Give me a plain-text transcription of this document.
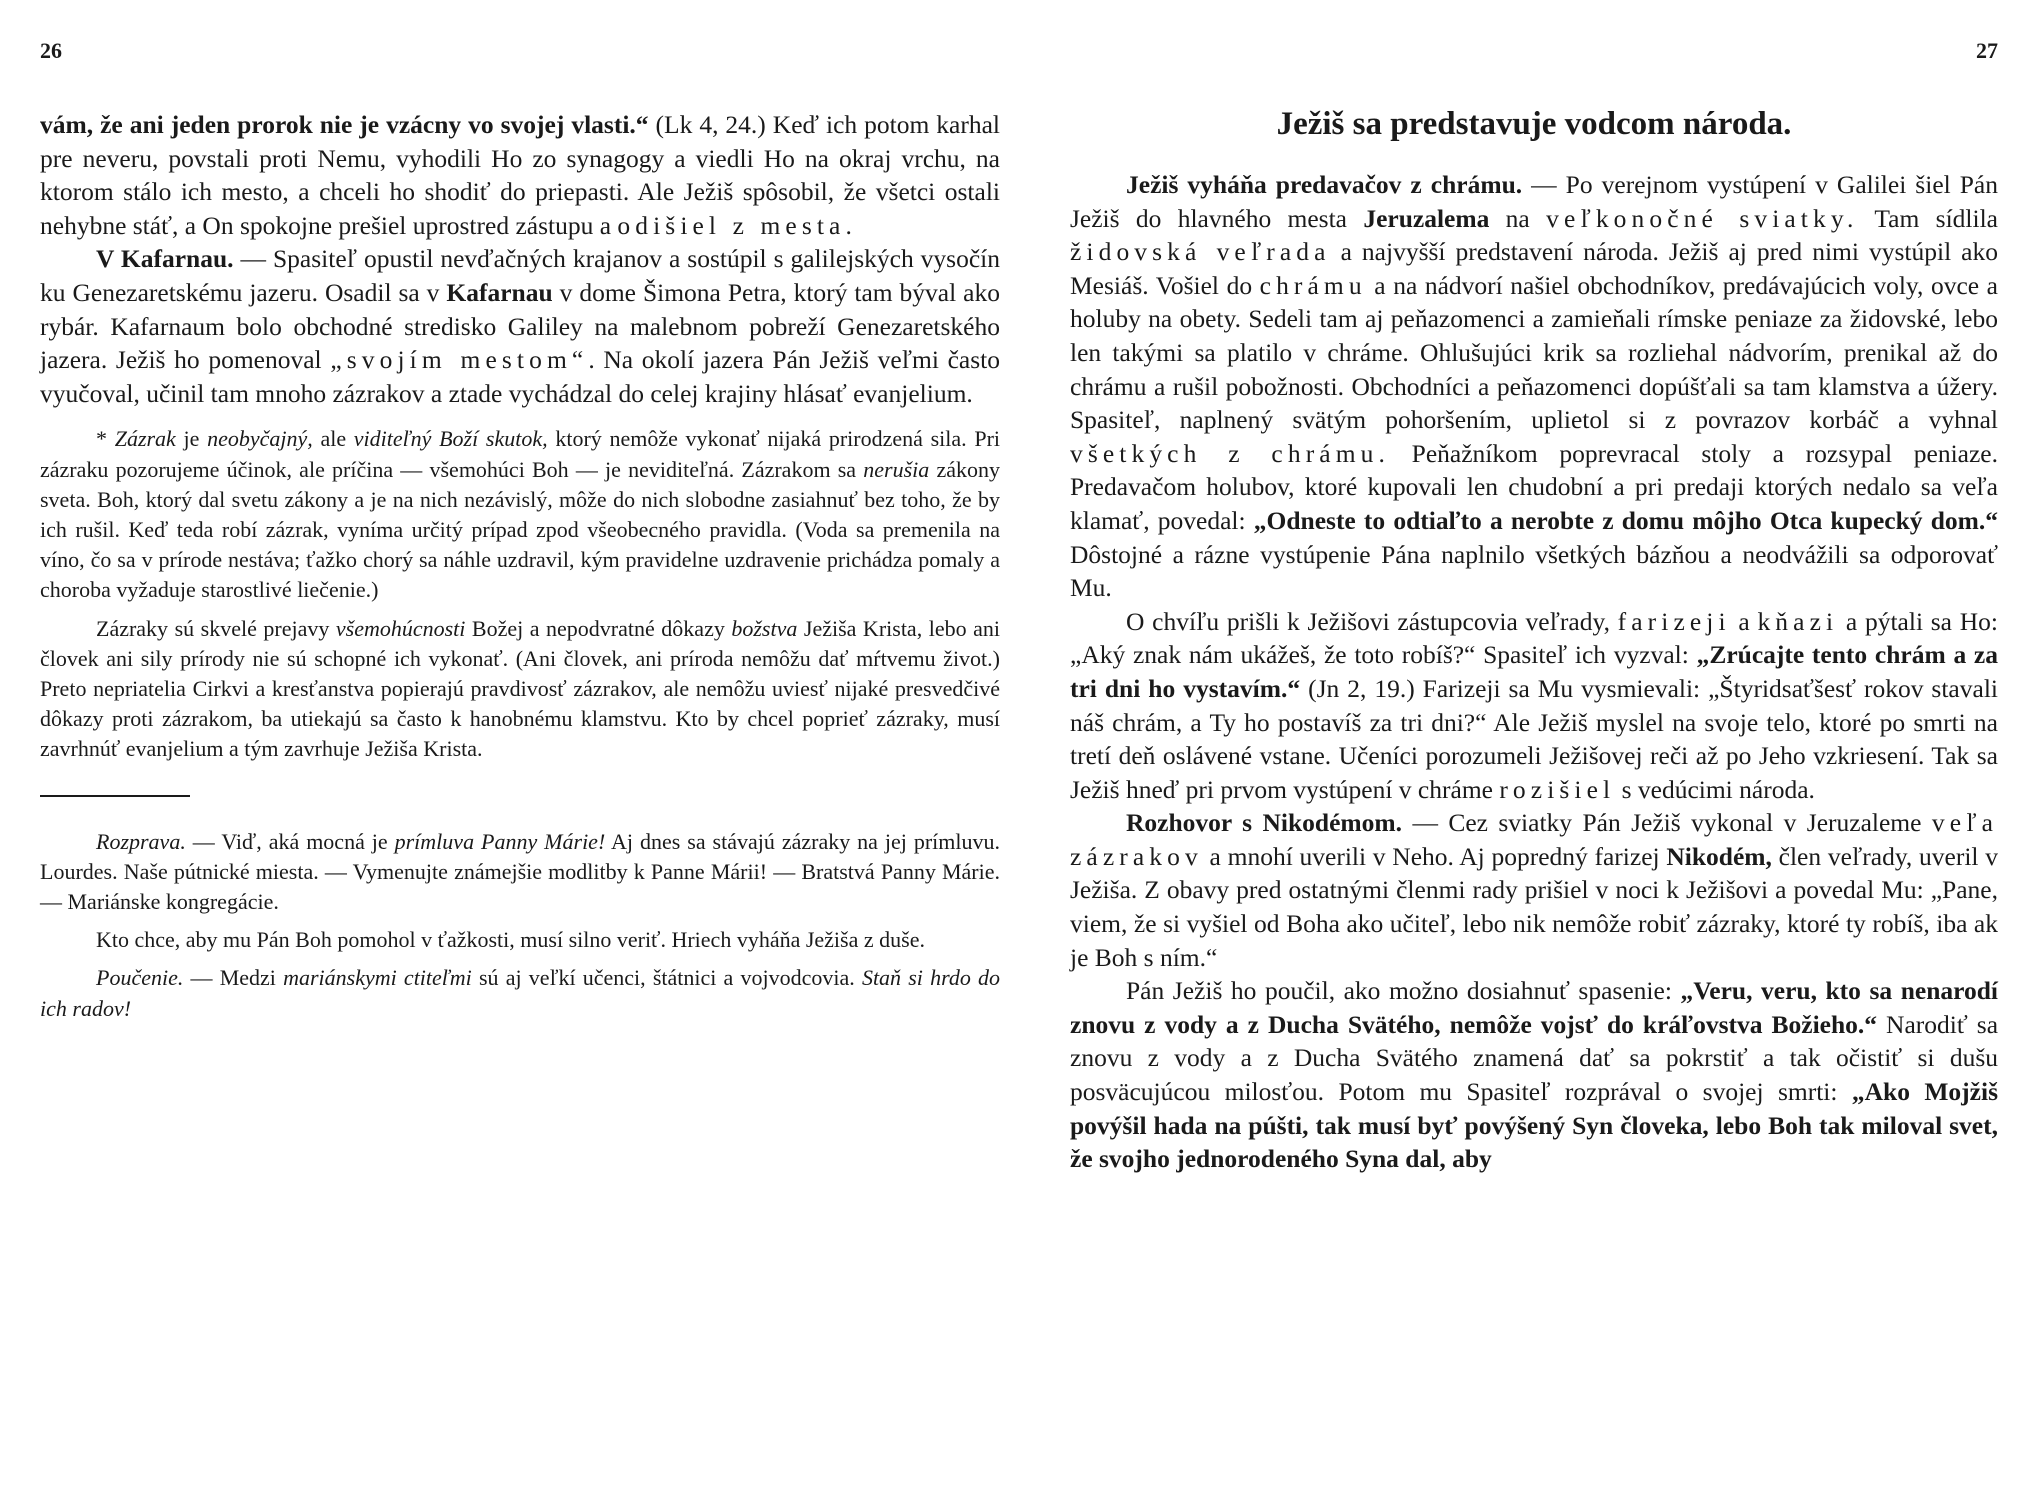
26

vám, že ani jeden prorok nie je vzácny vo svojej vlasti.“ (Lk 4, 24.) Keď ich potom karhal pre neveru, povstali proti Nemu, vyhodili Ho zo synagogy a viedli Ho na okraj vrchu, na ktorom stálo ich mesto, a chceli ho shodiť do priepasti. Ale Ježiš spôsobil, že všetci ostali nehybne stáť, a On spokojne prešiel uprostred zástupu a odišiel z mesta.

V Kafarnau. — Spasiteľ opustil nevďačných krajanov a sostúpil s galilejských vysočín ku Genezaretskému jazeru. Osadil sa v Kafarnau v dome Šimona Petra, ktorý tam býval ako rybár. Kafarnaum bolo obchodné stredisko Galiley na malebnom pobreží Genezaretského jazera. Ježiš ho pomenoval „svojím mestom“. Na okolí jazera Pán Ježiš veľmi často vyučoval, učinil tam mnoho zázrakov a ztade vychádzal do celej krajiny hlásať evanjelium.

* Zázrak je neobyčajný, ale viditeľný Boží skutok, ktorý nemôže vykonať nijaká prirodzená sila. Pri zázraku pozorujeme účinok, ale príčina — všemohúci Boh — je neviditeľná. Zázrakom sa nerušia zákony sveta. Boh, ktorý dal svetu zákony a je na nich nezávislý, môže do nich slobodne zasiahnuť bez toho, že by ich rušil. Keď teda robí zázrak, vyníma určitý prípad zpod všeobecného pravidla. (Voda sa premenila na víno, čo sa v prírode nestáva; ťažko chorý sa náhle uzdravil, kým pravidelne uzdravenie prichádza pomaly a choroba vyžaduje starostlivé liečenie.)

Zázraky sú skvelé prejavy všemohúcnosti Božej a nepodvratné dôkazy božstva Ježiša Krista, lebo ani človek ani sily prírody nie sú schopné ich vykonať. (Ani človek, ani príroda nemôžu dať mŕtvemu život.) Preto nepriatelia Cirkvi a kresťanstva popierajú pravdivosť zázrakov, ale nemôžu uviesť nijaké presvedčivé dôkazy proti zázrakom, ba utiekajú sa často k hanobnému klamstvu. Kto by chcel poprieť zázraky, musí zavrhnúť evanjelium a tým zavrhuje Ježiša Krista.

Rozprava. — Viď, aká mocná je prímluva Panny Márie! Aj dnes sa stávajú zázraky na jej prímluvu. Lourdes. Naše pútnické miesta. — Vymenujte známejšie modlitby k Panne Márii! — Bratstvá Panny Márie. — Mariánske kongregácie.

Kto chce, aby mu Pán Boh pomohol v ťažkosti, musí silno veriť. Hriech vyháňa Ježiša z duše.

Poučenie. — Medzi mariánskymi ctiteľmi sú aj veľkí učenci, štátnici a vojvodcovia. Staň si hrdo do ich radov!

27
Ježiš sa predstavuje vodcom národa.

Ježiš vyháňa predavačov z chrámu. — Po verejnom vystúpení v Galilei šiel Pán Ježiš do hlavného mesta Jeruzalema na veľkonočné sviatky. Tam sídlila židovská veľrada a najvyšší predstavení národa. Ježiš aj pred nimi vystúpil ako Mesiáš. Vošiel do chrámu a na nádvorí našiel obchodníkov, predávajúcich voly, ovce a holuby na obety. Sedeli tam aj peňazomenci a zamieňali rímske peniaze za židovské, lebo len takými sa platilo v chráme. Ohlušujúci krik sa rozliehal nádvorím, prenikal až do chrámu a rušil pobožnosti. Obchodníci a peňazomenci dopúšťali sa tam klamstva a úžery. Spasiteľ, naplnený svätým pohoršením, uplietol si z povrazov korbáč a vyhnal všetkých z chrámu. Peňažníkom poprevracal stoly a rozsypal peniaze. Predavačom holubov, ktoré kupovali len chudobní a pri predaji ktorých nedalo sa veľa klamať, povedal: „Odneste to odtiaľto a nerobte z domu môjho Otca kupecký dom.“ Dôstojné a rázne vystúpenie Pána naplnilo všetkých bázňou a neodvážili sa odporovať Mu.

O chvíľu prišli k Ježišovi zástupcovia veľrady, farizeji a kňazi a pýtali sa Ho: „Aký znak nám ukážeš, že toto robíš?“ Spasiteľ ich vyzval: „Zrúcajte tento chrám a za tri dni ho vystavím.“ (Jn 2, 19.) Farizeji sa Mu vysmievali: „Štyridsaťšesť rokov stavali náš chrám, a Ty ho postavíš za tri dni?“ Ale Ježiš myslel na svoje telo, ktoré po smrti na tretí deň oslávené vstane. Učeníci porozumeli Ježišovej reči až po Jeho vzkriesení. Tak sa Ježiš hneď pri prvom vystúpení v chráme rozišiel s vedúcimi národa.

Rozhovor s Nikodémom. — Cez sviatky Pán Ježiš vykonal v Jeruzaleme veľa zázrakov a mnohí uverili v Neho. Aj popredný farizej Nikodém, člen veľrady, uveril v Ježiša. Z obavy pred ostatnými členmi rady prišiel v noci k Ježišovi a povedal Mu: „Pane, viem, že si vyšiel od Boha ako učiteľ, lebo nik nemôže robiť zázraky, ktoré ty robíš, iba ak je Boh s ním.“

Pán Ježiš ho poučil, ako možno dosiahnuť spasenie: „Veru, veru, kto sa nenarodí znovu z vody a z Ducha Svätého, nemôže vojsť do kráľovstva Božieho.“ Narodiť sa znovu z vody a z Ducha Svätého znamená dať sa pokrstiť a tak očistiť si dušu posväcujúcou milosťou. Potom mu Spasiteľ rozprával o svojej smrti: „Ako Mojžiš povýšil hada na púšti, tak musí byť povýšený Syn človeka, lebo Boh tak miloval svet, že svojho jednorodeného Syna dal, aby
